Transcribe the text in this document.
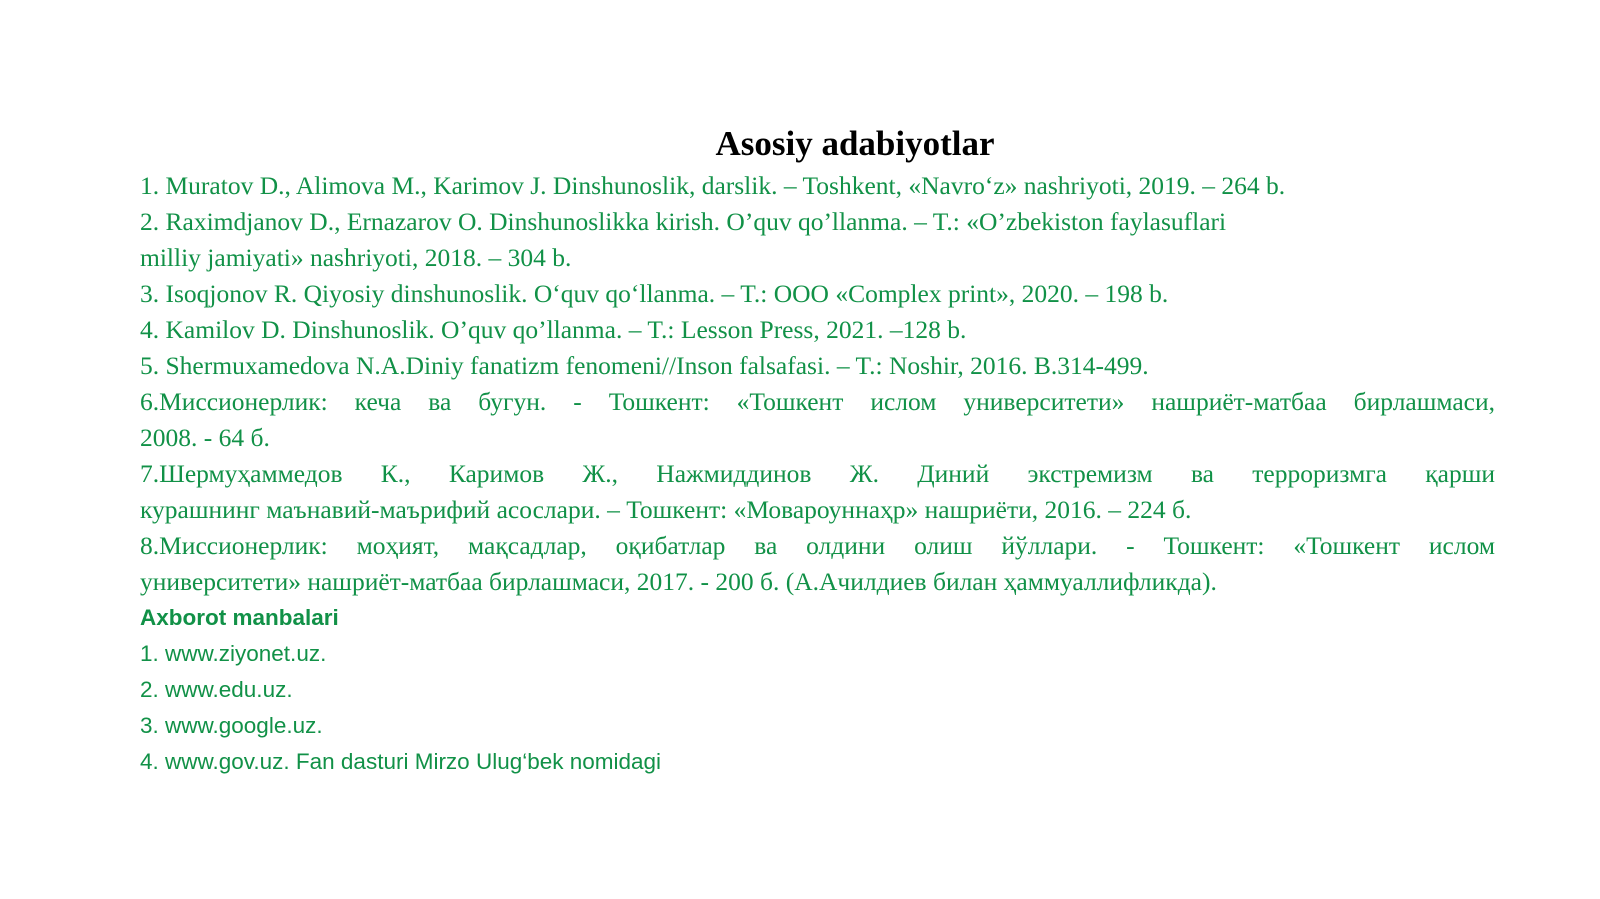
Asosiy adabiyotlar

1. Muratov D., Alimova M., Karimov J. Dinshunoslik, darslik. – Toshkent, «Navro‘z» nashriyoti, 2019. – 264 b.

2. Raximdjanov D., Ernazarov O. Dinshunoslikka kirish. O’quv qo’llanma. – T.: «O’zbekiston faylasuflari

milliy jamiyati» nashriyoti, 2018. – 304 b.

3. Isoqjonov R. Qiyosiy dinshunoslik. O‘quv qo‘llanma. – T.: OOO «Complex print», 2020. – 198 b.

4. Kamilov D. Dinshunoslik. O’quv qo’llanma. – T.: Lesson Press, 2021. –128 b.

5. Shermuxamedova N.A.Diniy fanatizm fenomeni//Inson falsafasi. – T.: Noshir, 2016. B.314-499.

6.Миссионерлик: кеча ва бугун. - Тошкент: «Тошкент ислом университети» нашриёт-матбаа бирлашмаси,
2008. - 64 б.
7.Шермуҳаммедов К., Каримов Ж., Нажмиддинов Ж. Диний экстремизм ва терроризмга қарши
курашнинг маънавий-маърифий асослари. – Тошкент: «Мовароуннаҳр» нашриёти, 2016. – 224 б.
8.Миссионерлик: моҳият, мақсадлар, оқибатлар ва олдини олиш йўллари. - Тошкент: «Тошкент ислом
университети» нашриёт-матбаа бирлашмаси, 2017. - 200 б. (А.Ачилдиев билан ҳаммуаллифликда).

Axborot manbalari

1. www.ziyonet.uz.

2. www.edu.uz.

3. www.google.uz.

4. www.gov.uz. Fan dasturi Mirzo Ulug‘bek nomidagi
